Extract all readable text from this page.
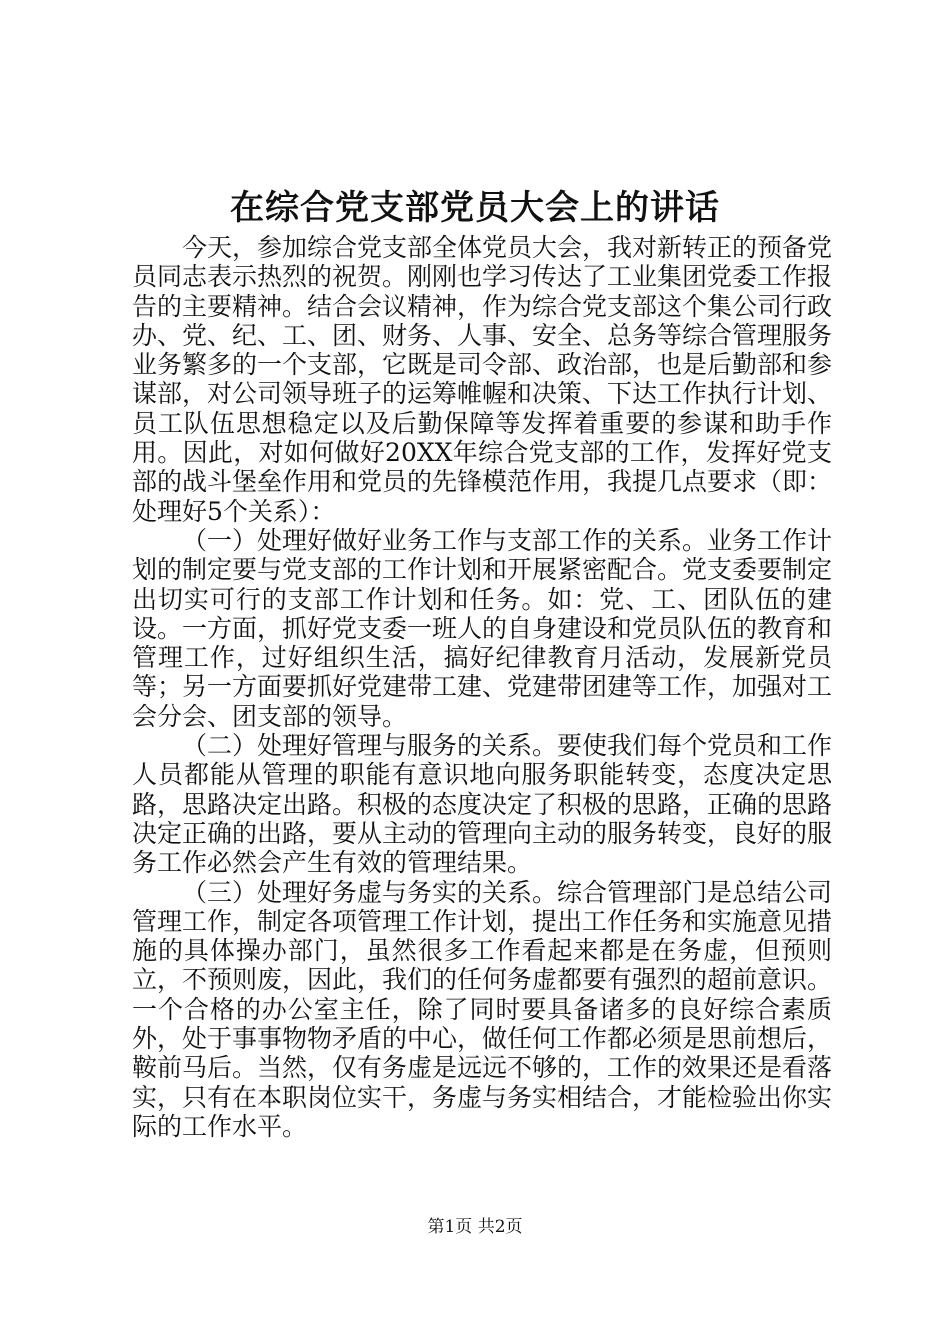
在综合党支部党员大会上的讲话

今天，参加综合党支部全体党员大会，我对新转正的预备党员同志表示热烈的祝贺。刚刚也学习传达了工业集团党委工作报告的主要精神。结合会议精神，作为综合党支部这个集公司行政办、党、纪、工、团、财务、人事、安全、总务等综合管理服务业务繁多的一个支部，它既是司令部、政治部，也是后勤部和参谋部，对公司领导班子的运筹帷幄和决策、下达工作执行计划、员工队伍思想稳定以及后勤保障等发挥着重要的参谋和助手作用。因此，对如何做好20XX年综合党支部的工作，发挥好党支部的战斗堡垒作用和党员的先锋模范作用，我提几点要求（即：处理好5个关系）：

（一）处理好做好业务工作与支部工作的关系。业务工作计划的制定要与党支部的工作计划和开展紧密配合。党支委要制定出切实可行的支部工作计划和任务。如：党、工、团队伍的建设。一方面，抓好党支委一班人的自身建设和党员队伍的教育和管理工作，过好组织生活，搞好纪律教育月活动，发展新党员等；另一方面要抓好党建带工建、党建带团建等工作，加强对工会分会、团支部的领导。

（二）处理好管理与服务的关系。要使我们每个党员和工作人员都能从管理的职能有意识地向服务职能转变，态度决定思路，思路决定出路。积极的态度决定了积极的思路，正确的思路决定正确的出路，要从主动的管理向主动的服务转变，良好的服务工作必然会产生有效的管理结果。

（三）处理好务虚与务实的关系。综合管理部门是总结公司管理工作，制定各项管理工作计划，提出工作任务和实施意见措施的具体操办部门，虽然很多工作看起来都是在务虚，但预则立，不预则废，因此，我们的任何务虚都要有强烈的超前意识。一个合格的办公室主任，除了同时要具备诸多的良好综合素质外，处于事事物物矛盾的中心，做任何工作都必须是思前想后，鞍前马后。当然，仅有务虚是远远不够的，工作的效果还是看落实，只有在本职岗位实干，务虚与务实相结合，才能检验出你实际的工作水平。

第1页 共2页
